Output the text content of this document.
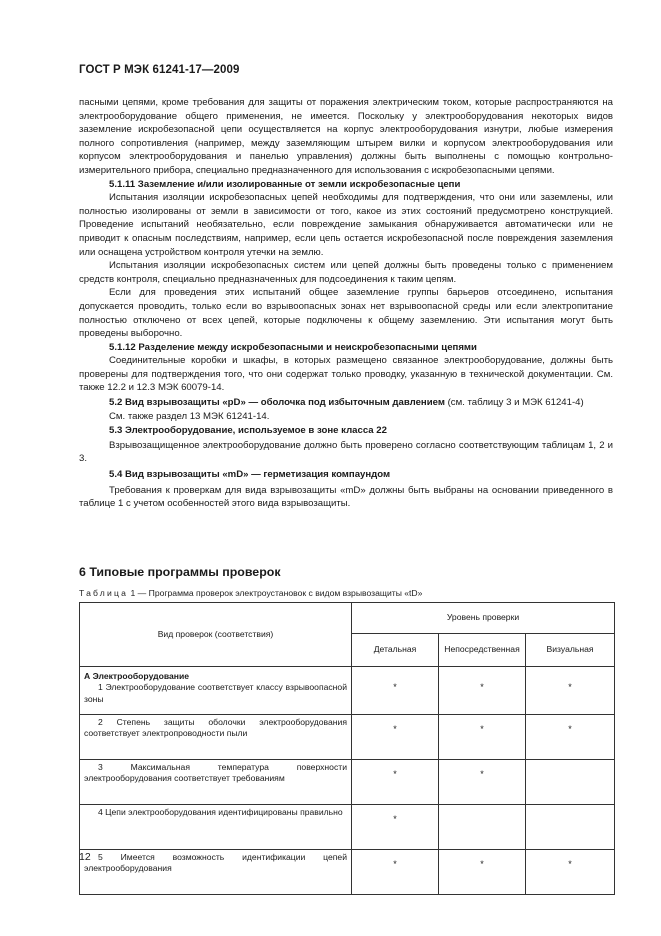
ГОСТ Р МЭК 61241-17—2009

пасными цепями, кроме требования для защиты от поражения электрическим током, которые распространяются на электрооборудование общего применения, не имеется. Поскольку у электрооборудования некоторых видов заземление искробезопасной цепи осуществляется на корпус электрооборудования изнутри, любые измерения полного сопротивления (например, между заземляющим штырем вилки и корпусом электрооборудования или корпусом электрооборудования и панелью управления) должны быть выполнены с помощью контрольно-измерительного прибора, специально предназначенного для использования с искробезопасными цепями.

5.1.11 Заземление и/или изолированные от земли искробезопасные цепи

Испытания изоляции искробезопасных цепей необходимы для подтверждения, что они или заземлены, или полностью изолированы от земли в зависимости от того, какое из этих состояний предусмотрено конструкцией. Проведение испытаний необязательно, если повреждение замыкания обнаруживается автоматически или не приводит к опасным последствиям, например, если цепь остается искробезопасной после повреждения заземления или оснащена устройством контроля утечки на землю.

Испытания изоляции искробезопасных систем или цепей должны быть проведены только с применением средств контроля, специально предназначенных для подсоединения к таким цепям.

Если для проведения этих испытаний общее заземление группы барьеров отсоединено, испытания допускается проводить, только если во взрывоопасных зонах нет взрывоопасной среды или если электропитание полностью отключено от всех цепей, которые подключены к общему заземлению. Эти испытания могут быть проведены выборочно.

5.1.12 Разделение между искробезопасными и неискробезопасными цепями

Соединительные коробки и шкафы, в которых размещено связанное электрооборудование, должны быть проверены для подтверждения того, что они содержат только проводку, указанную в технической документации. См. также 12.2 и 12.3 МЭК 60079-14.

5.2 Вид взрывозащиты «pD» — оболочка под избыточным давлением (см. таблицу 3 и МЭК 61241-4)

См. также раздел 13 МЭК 61241-14.

5.3 Электрооборудование, используемое в зоне класса 22

Взрывозащищенное электрооборудование должно быть проверено согласно соответствующим таблицам 1, 2 и 3.

5.4 Вид взрывозащиты «mD» — герметизация компаундом

Требования к проверкам для вида взрывозащиты «mD» должны быть выбраны на основании приведенного в таблице 1 с учетом особенностей этого вида взрывозащиты.

6 Типовые программы проверок
Таблица 1 — Программа проверок электроустановок с видом взрывозащиты «tD»
Вид проверок (соответствия)	Уровень проверки		
	Детальная	Непосредственная	Визуальная

А Электрооборудование
1 Электрооборудование соответствует классу взрывоопасной зоны	*	*	*

2 Степень защиты оболочки электрооборудования соответствует электропроводности пыли	*	*	*

3 Максимальная температура поверхности электрооборудования соответствует требованиям	*	*	

4 Цепи электрооборудования идентифицированы правильно	*		

5 Имеется возможность идентификации цепей электрооборудования	*	*	*
12
